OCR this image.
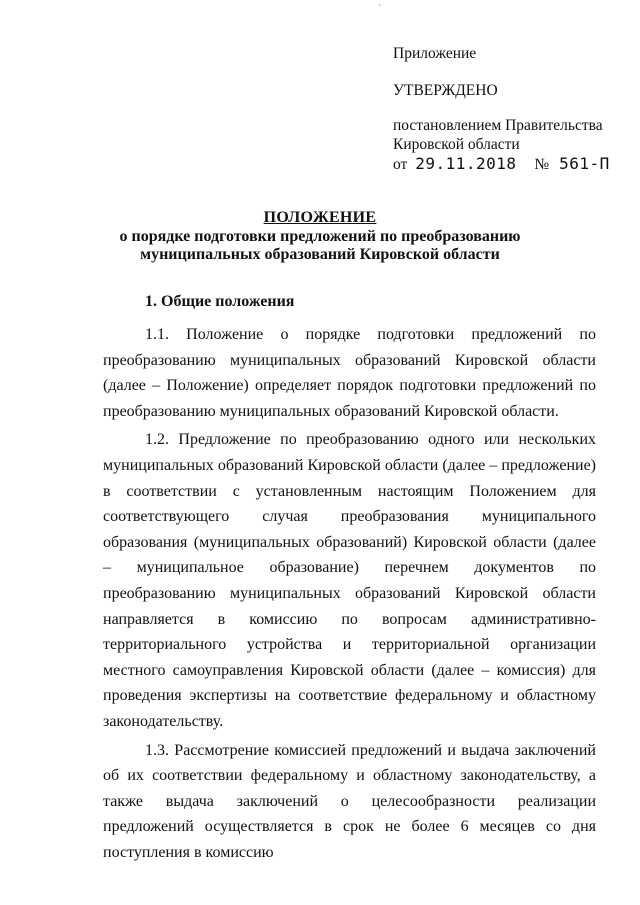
`
Приложение
УТВЕРЖДЕНО
постановлением Правительства
Кировской области
от 29.11.2018 № 561-П
ПОЛОЖЕНИЕ
о порядке подготовки предложений по преобразованию
муниципальных образований Кировской области
1. Общие положения

1.1. Положение о порядке подготовки предложений по преобразованию муниципальных образований Кировской области (далее – Положение) определяет порядок подготовки предложений по преобразованию муниципальных образований Кировской области.

1.2. Предложение по преобразованию одного или нескольких муниципальных образований Кировской области (далее – предложение) в соответствии с установленным настоящим Положением для соответствующего случая преобразования муниципального образования (муниципальных образований) Кировской области (далее – муниципальное образование) перечнем документов по преобразованию муниципальных образований Кировской области направляется в комиссию по вопросам административно-территориального устройства и территориальной организации местного самоуправления Кировской области (далее – комиссия) для проведения экспертизы на соответствие федеральному и областному законодательству.

1.3. Рассмотрение комиссией предложений и выдача заключений об их соответствии федеральному и областному законодательству, а также выдача заключений о целесообразности реализации предложений осуществляется в срок не более 6 месяцев со дня поступления в комиссию
